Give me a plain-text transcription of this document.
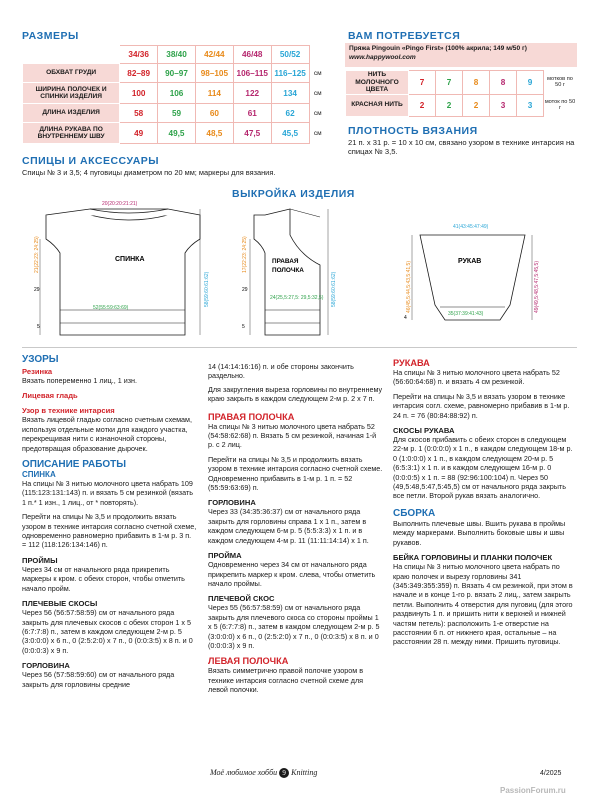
РАЗМЕРЫ
	34/36	38/40	42/44	46/48	50/52	
ОБХВАТ ГРУДИ	82–89	90–97	98–105	106–115	116–125	см
ШИРИНА ПОЛОЧЕК И СПИНКИ ИЗДЕЛИЯ	100	106	114	122	134	см
ДЛИНА ИЗДЕЛИЯ	58	59	60	61	62	см
ДЛИНА РУКАВА ПО ВНУТРЕННЕМУ ШВУ	49	49,5	48,5	47,5	45,5	см
ВАМ ПОТРЕБУЕТСЯ
Пряжа Pingouin «Pingo First» (100% акрила; 149 м/50 г)
www.happywool.com
НИТЬ МОЛОЧНОГО ЦВЕТА	7	7	8	8	9	мотков по 50 г
КРАСНАЯ НИТЬ	2	2	2	3	3	моток по 50 г
ПЛОТНОСТЬ ВЯЗАНИЯ
21 п. x 31 р. = 10 x 10 см, связано узором в технике интарсия на спицах № 3,5.
СПИЦЫ И АКСЕССУАРЫ
Спицы № 3 и 3,5; 4 пуговицы диаметром по 20 мм; маркеры для вязания.
ВЫКРОЙКА ИЗДЕЛИЯ
СПИНКА
20(20:20:21:21)
52(55:59:63:69)
21(22:23: 24:25)
58(59:60:61:62)
29
5
ПРАВАЯ
ПОЛОЧКА
24(25,5:27,5: 29,5:32,5)
17(22:23: 24:25)
58(59:60:61:62)
29
5
РУКАВ
41(43:45:47:49)
35(37:39:41:43)
46(45,5:44,5:43,5:41,5)	49(49,5:48,5:47,5:45,5)
4
УЗОРЫ
Резинка

Вязать попеременно 1 лиц., 1 изн.

Лицевая гладь
Узор в технике интарсия

Вязать лицевой гладью согласно счетным схемам, используя отдельные мотки для каждого участка, перекрещивая нити с изнаночной стороны, предотвращая образование дырочек.

ОПИСАНИЕ РАБОТЫ
СПИНКА

На спицы № 3 нитью молочного цвета набрать 109 (115:123:131:143) п. и вязать 5 см резинкой (вязать 1 п.* 1 изн., 1 лиц., от * повторять).

Перейти на спицы № 3,5 и продолжить вязать узором в технике интарсия согласно счетной схеме, одновременно равномерно прибавить в 1-м р. 3 п. = 112 (118:126:134:146) п.

ПРОЙМЫ

Через 34 см от начального ряда прикрепить маркеры к кром. с обеих сторон, чтобы отметить начало пройм.

ПЛЕЧЕВЫЕ СКОСЫ

Через 56 (56:57:58:59) см от начального ряда закрыть для плечевых скосов с обеих сторон 1 x 5 (6:7:7:8) п., затем в каждом следующем 2-м р. 5 (3:0:0:0) x 6 п., 0 (2:5:2:0) x 7 п., 0 (0:0:3:5) x 8 п. и 0 (0:0:0:3) x 9 п.

ГОРЛОВИНА

Через 56 (57:58:59:60) см от начального ряда закрыть для горловины средние

14 (14:14:16:16) п. и обе стороны закончить раздельно.

Для закругления выреза горловины по внутреннему краю закрыть в каждом следующем 2-м р. 2 x 7 п.

ПРАВАЯ ПОЛОЧКА

На спицы № 3 нитью молочного цвета набрать 52 (54:58:62:68) п. Вязать 5 см резинкой, начиная 1-й р. с 2 лиц.

Перейти на спицы № 3,5 и продолжить вязать узором в технике интарсия согласно счетной схеме. Одновременно прибавить в 1-м р. 1 п. = 52 (55:59:63:69) п.

ГОРЛОВИНА

Через 33 (34:35:36:37) см от начального ряда закрыть для горловины справа 1 x 1 п., затем в каждом следующем 6-м р. 5 (5:5:3:3) x 1 п. и в каждом следующем 4-м р. 11 (11:11:14:14) x 1 п.

ПРОЙМА

Одновременно через 34 см от начального ряда прикрепить маркер к кром. слева, чтобы отметить начало проймы.

ПЛЕЧЕВОЙ СКОС

Через 55 (56:57:58:59) см от начального ряда закрыть для плечевого скоса со стороны проймы 1 x 5 (6:7:7:8) п., затем в каждом следующем 2-м р. 5 (3:0:0:0) x 6 п., 0 (2:5:2:0) x 7 п., 0 (0:0:3:5) x 8 п. и 0 (0:0:0:3) x 9 п.

ЛЕВАЯ ПОЛОЧКА

Вязать симметрично правой полочке узором в технике интарсия согласно счетной схеме для левой полочки.

РУКАВА

На спицы № 3 нитью молочного цвета набрать 52 (56:60:64:68) п. и вязать 4 см резинкой.

Перейти на спицы № 3,5 и вязать узором в технике интарсия согл. схеме, равномерно прибавив в 1-м р. 24 п. = 76 (80:84:88:92) п.

СКОСЫ РУКАВА

Для скосов прибавить с обеих сторон в следующем 22-м р. 1 (0:0:0:0) x 1 п., в каждом следующем 18-м р. 0 (1:0:0:0) x 1 п., в каждом следующем 20-м р. 5 (6:5:3:1) x 1 п. и в каждом следующем 16-м р. 0 (0:0:0:5) x 1 п. = 88 (92:96:100:104) п. Через 50 (49,5:48,5:47,5:45,5) см от начального ряда закрыть все петли. Второй рукав вязать аналогично.

СБОРКА

Выполнить плечевые швы. Вшить рукава в проймы между маркерами. Выполнить боковые швы и швы рукавов.

БЕЙКА ГОРЛОВИНЫ И ПЛАНКИ ПОЛОЧЕК

На спицы № 3 нитью молочного цвета набрать по краю полочек и вырезу горловины 341 (345:349:355:359) п. Вязать 4 см резинкой, при этом в начале и в конце 1-го р. вязать 2 лиц., затем закрыть петли. Выполнить 4 отверстия для пуговиц (для этого раздвинуть 1 п. и пришить нити к верхней и нижней частям петель): расположить 1-е отверстие на расстоянии 6 п. от нижнего края, остальные – на расстоянии 28 п. между ними. Пришить пуговицы.

Моё любимое хобби 9 Knitting	4/2025
PassionForum.ru
